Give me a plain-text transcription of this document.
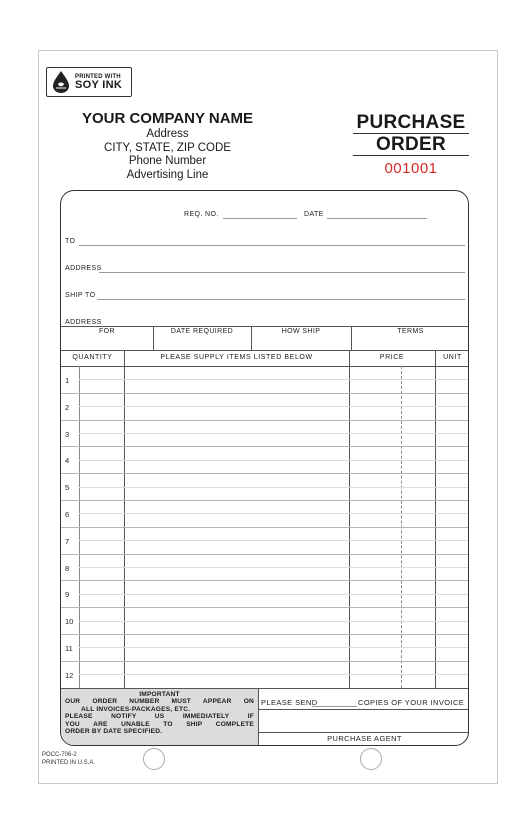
PRINTED WITH
SOY INK
YOUR COMPANY NAME
Address
CITY, STATE, ZIP CODE
Phone Number
Advertising Line
PURCHASE
ORDER
001001
REQ. NO.	DATE
TO
ADDRESS
SHIP TO
ADDRESS
FOR	DATE REQUIRED	HOW SHIP	TERMS
QUANTITY	PLEASE SUPPLY ITEMS LISTED BELOW	PRICE	UNIT
1
2
3
4
5
6
7
8
9
10
11
12
IMPORTANT
OUR ORDER NUMBER MUST APPEAR ON
ALL INVOICES-PACKAGES, ETC.
PLEASE NOTIFY US IMMEDIATELY IF
YOU ARE UNABLE TO SHIP COMPLETE
ORDER BY DATE SPECIFIED.
PLEASE SEND	COPIES OF YOUR INVOICE
PURCHASE AGENT
POCC-706-2
PRINTED IN U.S.A.
